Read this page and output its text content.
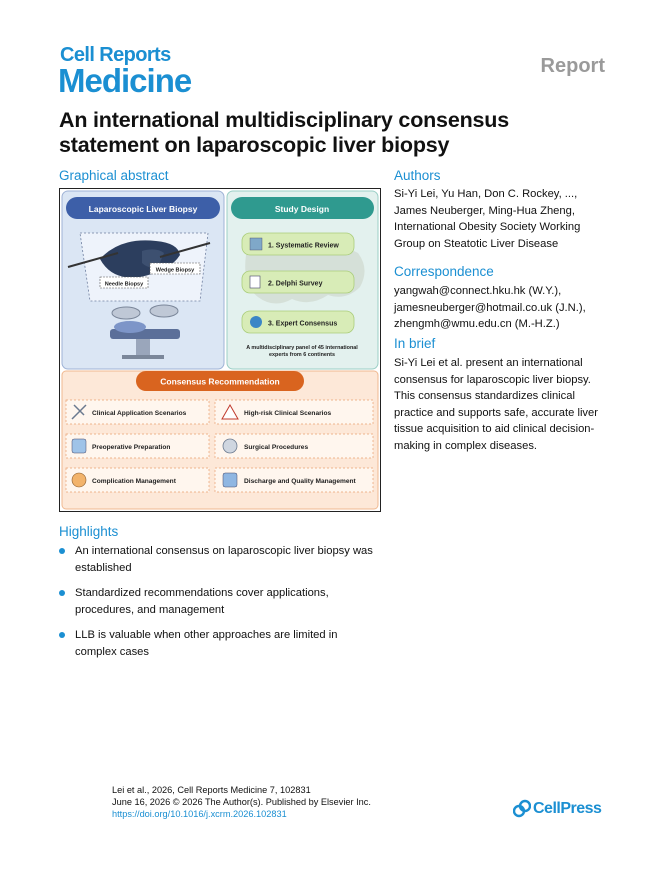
Cell Reports
Medicine	Report
An international multidisciplinary consensus statement on laparoscopic liver biopsy
Graphical abstract
Laparoscopic Liver Biopsy
Wedge Biopsy
Needle Biopsy
Study Design
1. Systematic Review
2. Delphi Survey
3. Expert Consensus
A multidisciplinary panel of 45 international
experts from 6 continents
Consensus Recommendation
Clinical Application Scenarios	High-risk Clinical Scenarios
Preoperative Preparation	Surgical Procedures
Complication Management	Discharge and Quality Management
Authors
Si-Yi Lei, Yu Han, Don C. Rockey, ...,
James Neuberger, Ming-Hua Zheng,
International Obesity Society Working
Group on Steatotic Liver Disease
Correspondence
yangwah@connect.hku.hk (W.Y.),
jamesneuberger@hotmail.co.uk (J.N.),
zhengmh@wmu.edu.cn (M.-H.Z.)
In brief
Si-Yi Lei et al. present an international
consensus for laparoscopic liver biopsy.
This consensus standardizes clinical
practice and supports safe, accurate liver
tissue acquisition to aid clinical decision-
making in complex diseases.
Highlights
An international consensus on laparoscopic liver biopsy was
established
Standardized recommendations cover applications,
procedures, and management
LLB is valuable when other approaches are limited in
complex cases
Lei et al., 2026, Cell Reports Medicine 7, 102831
June 16, 2026 © 2026 The Author(s). Published by Elsevier Inc.
https://doi.org/10.1016/j.xcrm.2026.102831	CellPress
